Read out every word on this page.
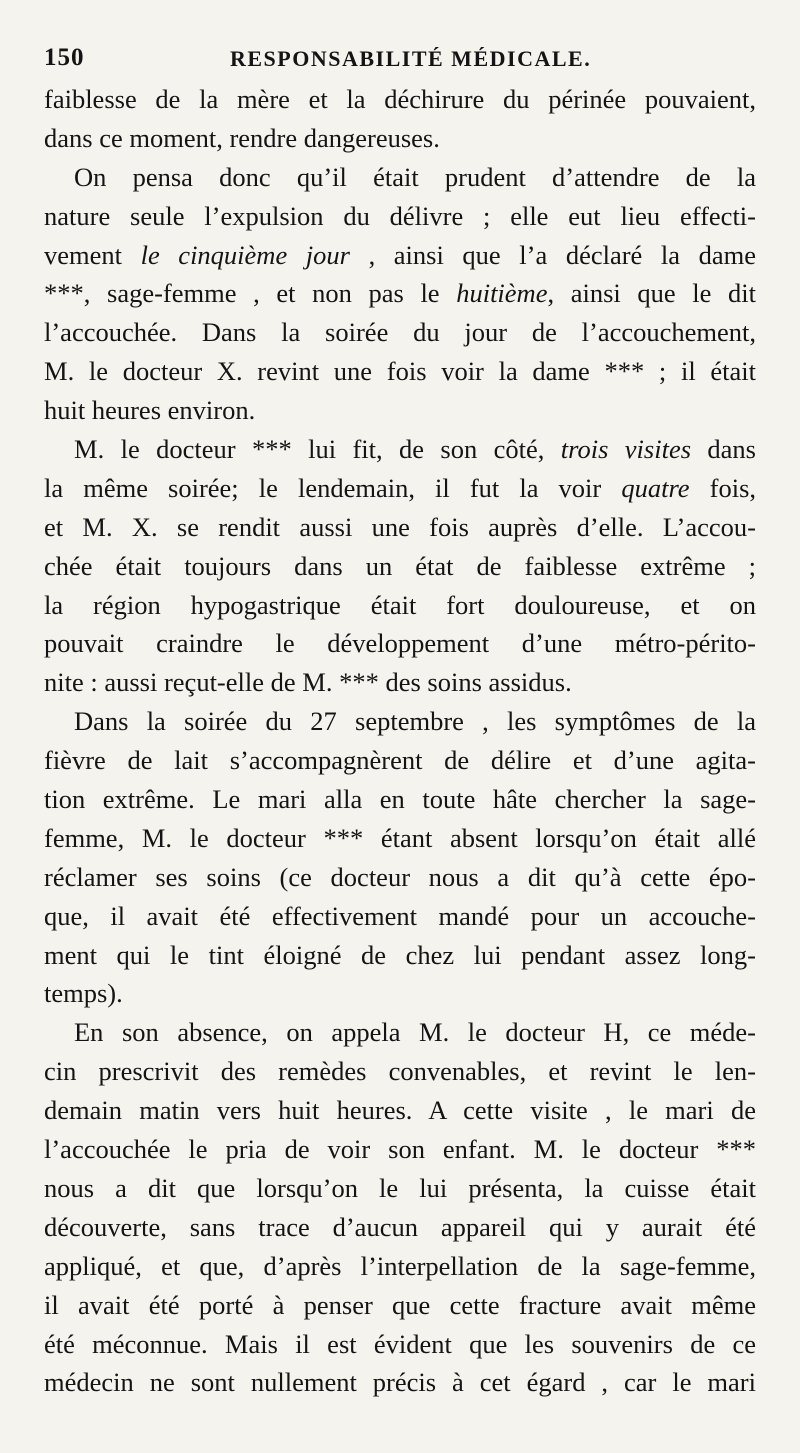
150	RESPONSABILITÉ MÉDICALE.
faiblesse de la mère et la déchirure du périnée pouvaient,
dans ce moment, rendre dangereuses.
On pensa donc qu’il était prudent d’attendre de la
nature seule l’expulsion du délivre ; elle eut lieu effecti-
vement le cinquième jour , ainsi que l’a déclaré la dame
***, sage-femme , et non pas le huitième, ainsi que le dit
l’accouchée. Dans la soirée du jour de l’accouchement,
M. le docteur X. revint une fois voir la dame *** ; il était
huit heures environ.
M. le docteur *** lui fit, de son côté, trois visites dans
la même soirée; le lendemain, il fut la voir quatre fois,
et M. X. se rendit aussi une fois auprès d’elle. L’accou-
chée était toujours dans un état de faiblesse extrême ;
la région hypogastrique était fort douloureuse, et on
pouvait craindre le développement d’une métro-périto-
nite : aussi reçut-elle de M. *** des soins assidus.
Dans la soirée du 27 septembre , les symptômes de la
fièvre de lait s’accompagnèrent de délire et d’une agita-
tion extrême. Le mari alla en toute hâte chercher la sage-
femme, M. le docteur *** étant absent lorsqu’on était allé
réclamer ses soins (ce docteur nous a dit qu’à cette épo-
que, il avait été effectivement mandé pour un accouche-
ment qui le tint éloigné de chez lui pendant assez long-
temps).
En son absence, on appela M. le docteur H, ce méde-
cin prescrivit des remèdes convenables, et revint le len-
demain matin vers huit heures. A cette visite , le mari de
l’accouchée le pria de voir son enfant. M. le docteur ***
nous a dit que lorsqu’on le lui présenta, la cuisse était
découverte, sans trace d’aucun appareil qui y aurait été
appliqué, et que, d’après l’interpellation de la sage-femme,
il avait été porté à penser que cette fracture avait même
été méconnue. Mais il est évident que les souvenirs de ce
médecin ne sont nullement précis à cet égard , car le mari
